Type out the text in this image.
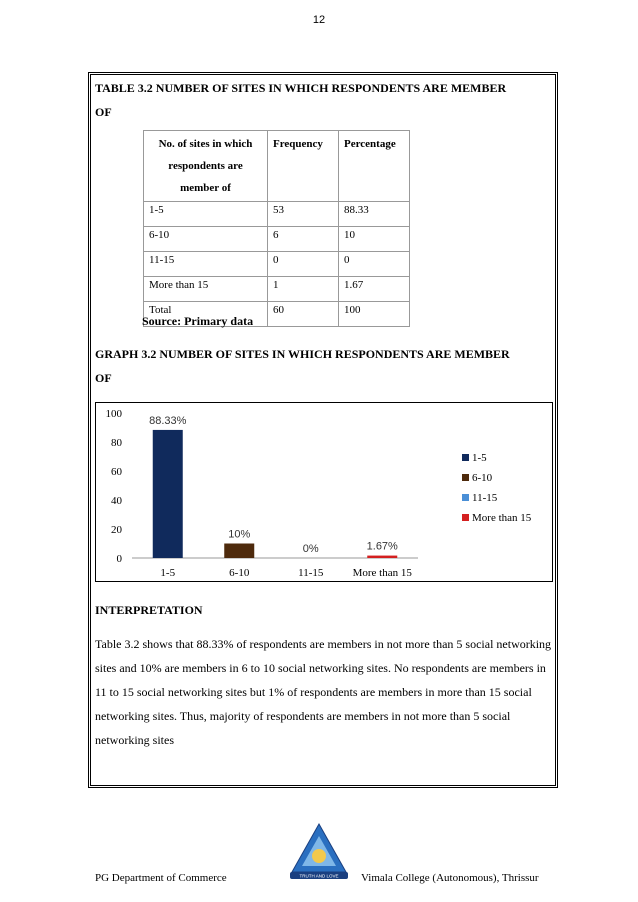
12
TABLE 3.2 NUMBER OF SITES IN WHICH RESPONDENTS ARE MEMBER
OF
No. of sites in which respondents are member of	Frequency	Percentage
1-5	53	88.33
6-10	6	10
11-15	0	0
More than 15	1	1.67
Total	60	100
Source: Primary data
GRAPH 3.2 NUMBER OF SITES IN WHICH RESPONDENTS ARE MEMBER
OF
0
20
40
60
80
100
88.33%
1-5
10%
6-10
0%
11-15
1.67%
More than 15
1-5
6-10
11-15
More than 15
INTERPRETATION
Table 3.2 shows that 88.33% of respondents are members in not more than 5 social networking sites and 10% are members in 6 to 10 social networking sites. No respondents are members in 11 to 15 social networking sites but 1% of respondents are members in more than 15 social networking sites. Thus, majority of respondents are members in not more than 5 social networking sites
TRUTH AND LOVE
PG Department of Commerce	Vimala College (Autonomous), Thrissur
